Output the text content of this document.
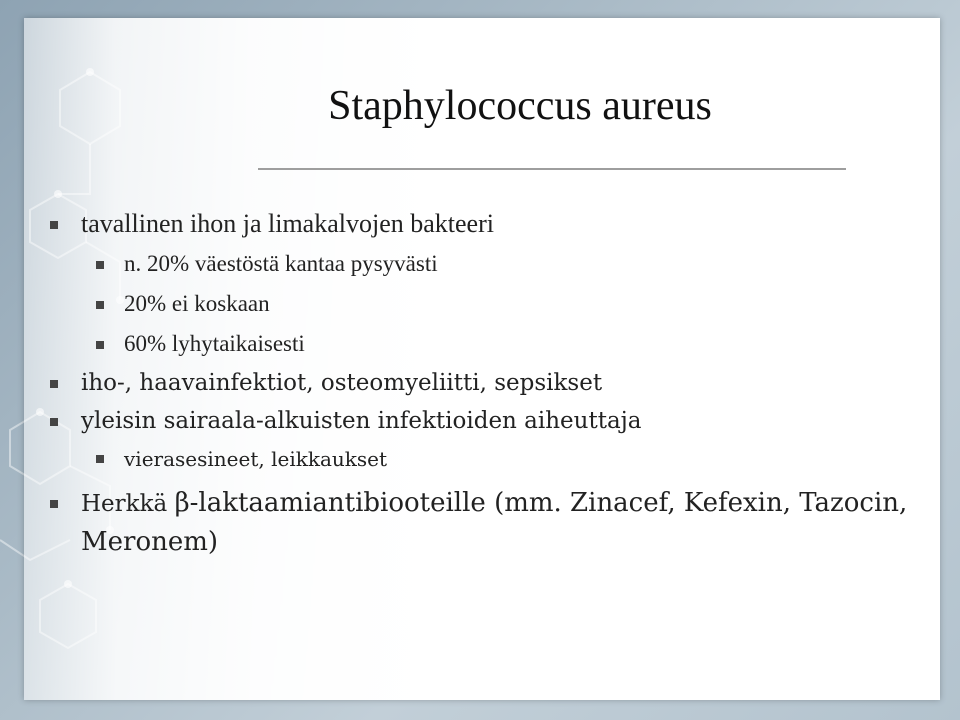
Staphylococcus aureus
tavallinen ihon ja limakalvojen bakteeri
n. 20% väestöstä kantaa pysyvästi
20% ei koskaan
60% lyhytaikaisesti
iho-, haavainfektiot, osteomyeliitti, sepsikset
yleisin sairaala-alkuisten infektioiden aiheuttaja
vierasesineet, leikkaukset
Herkkä β-laktaamiantibiooteille (mm. Zinacef, Kefexin, Tazocin, Meronem)
